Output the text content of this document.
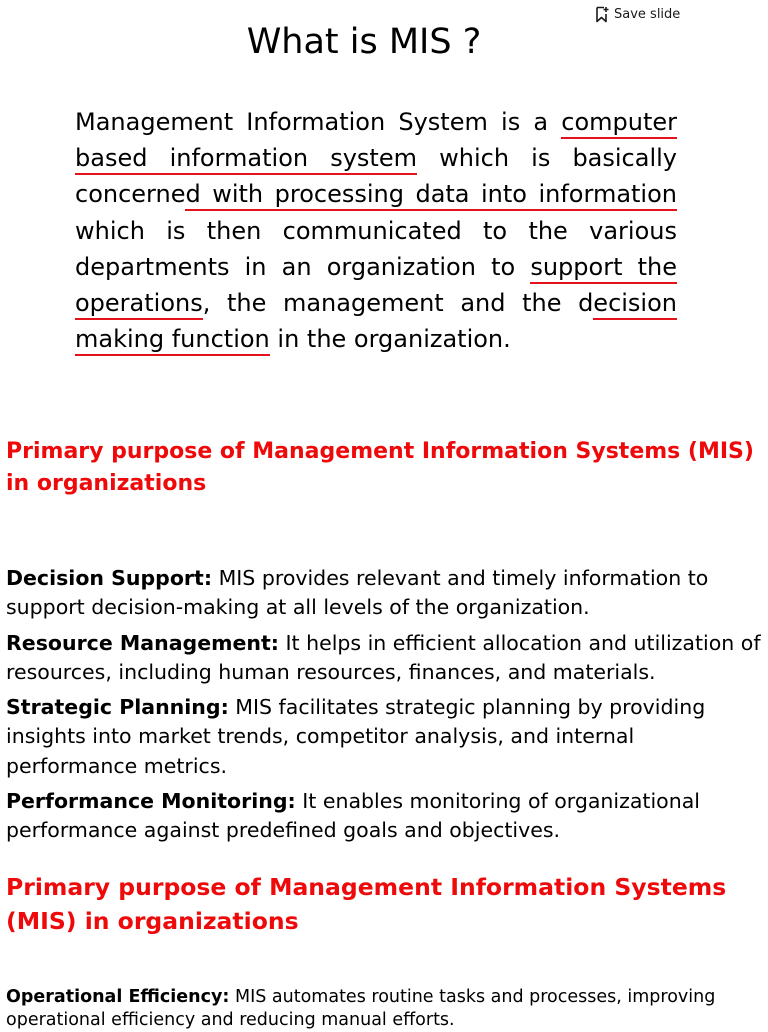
Save slide
What is MIS ?

Management Information System is a computer based information system which is basically concerned with processing data into information which is then communicated to the various departments in an organization to support the operations, the management and the decision making function in the organization.

Primary purpose of Management Information Systems (MIS) in organizations
Decision Support: MIS provides relevant and timely information to support decision-making at all levels of the organization.
Resource Management: It helps in efficient allocation and utilization of resources, including human resources, finances, and materials.
Strategic Planning: MIS facilitates strategic planning by providing insights into market trends, competitor analysis, and internal performance metrics.
Performance Monitoring: It enables monitoring of organizational performance against predefined goals and objectives.
Primary purpose of Management Information Systems (MIS) in organizations
Operational Efficiency: MIS automates routine tasks and processes, improving operational efficiency and reducing manual efforts.
